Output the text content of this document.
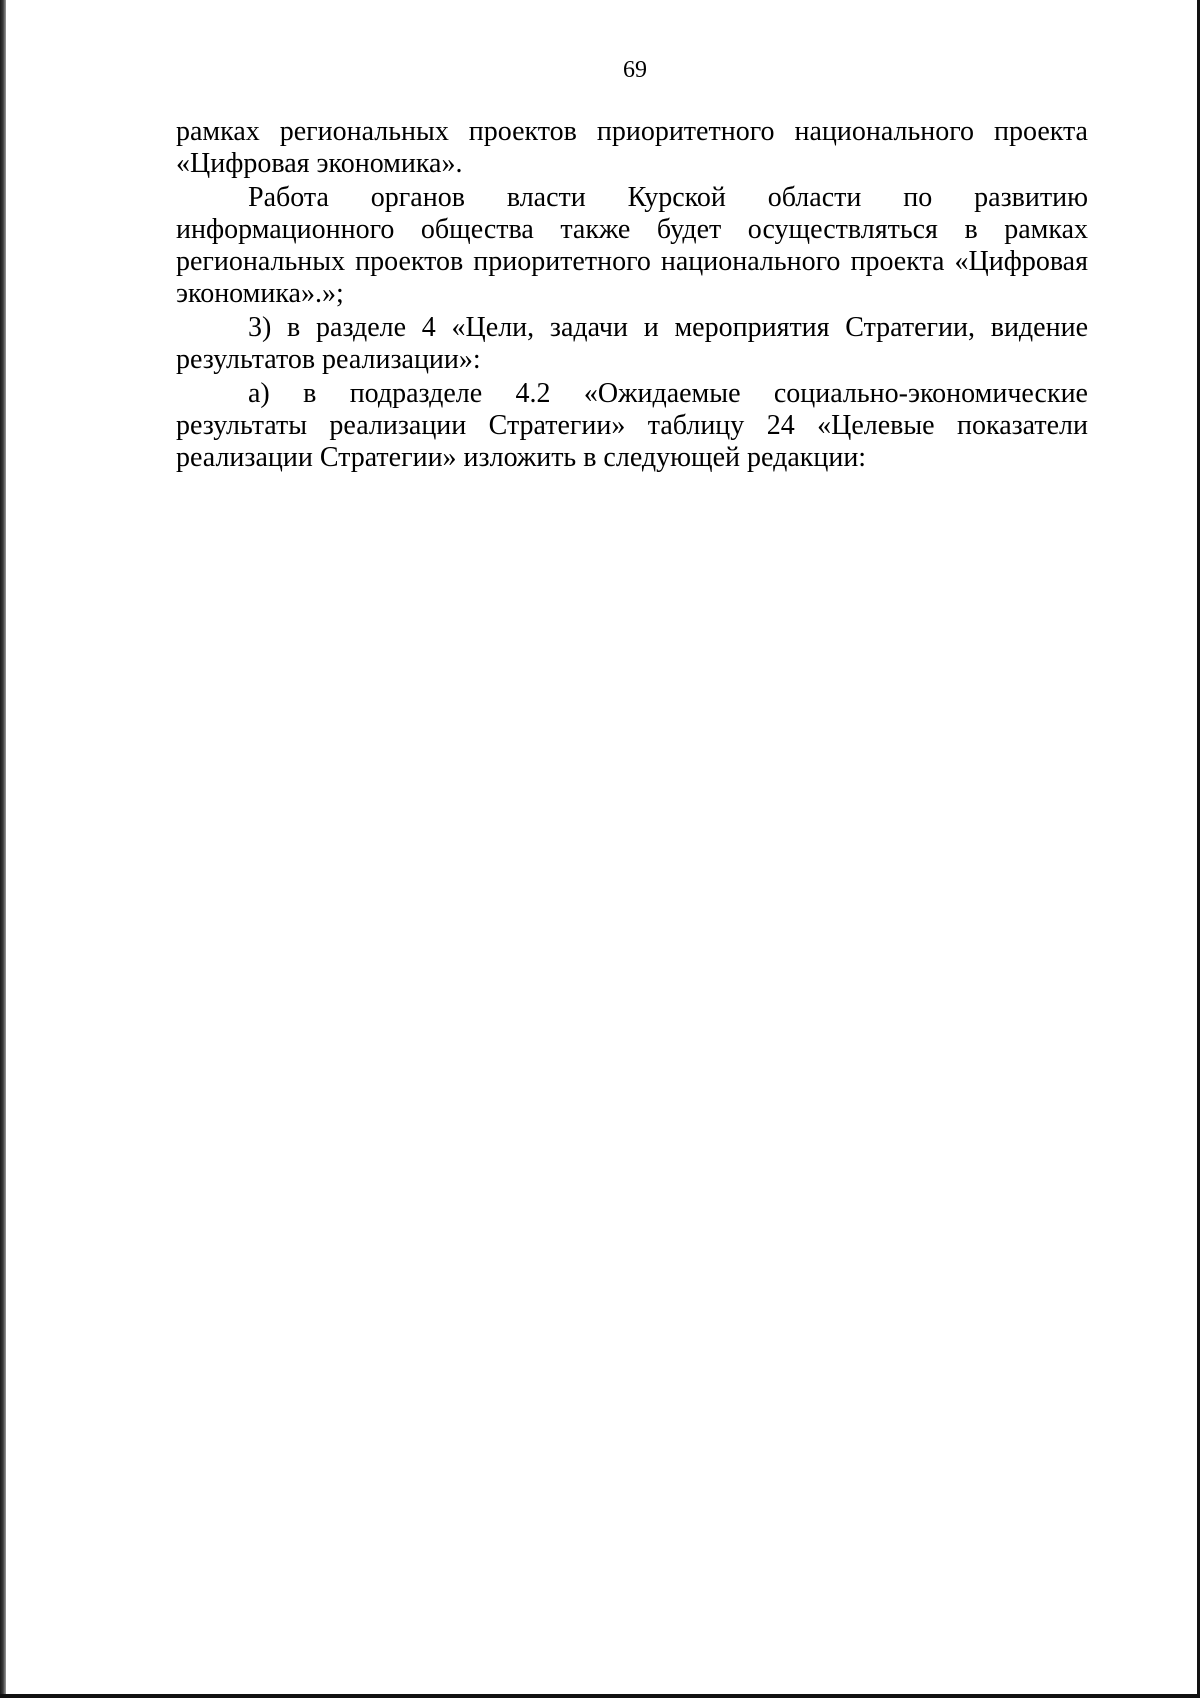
69

рамках региональных проектов приоритетного национального проекта «Цифровая экономика».

Работа органов власти Курской области по развитию информационного общества также будет осуществляться в рамках региональных проектов приоритетного национального проекта «Цифровая экономика».»;

3) в разделе 4 «Цели, задачи и мероприятия Стратегии, видение результатов реализации»:

а) в подразделе 4.2 «Ожидаемые социально-экономические результаты реализации Стратегии» таблицу 24 «Целевые показатели реализации Стратегии» изложить в следующей редакции:
